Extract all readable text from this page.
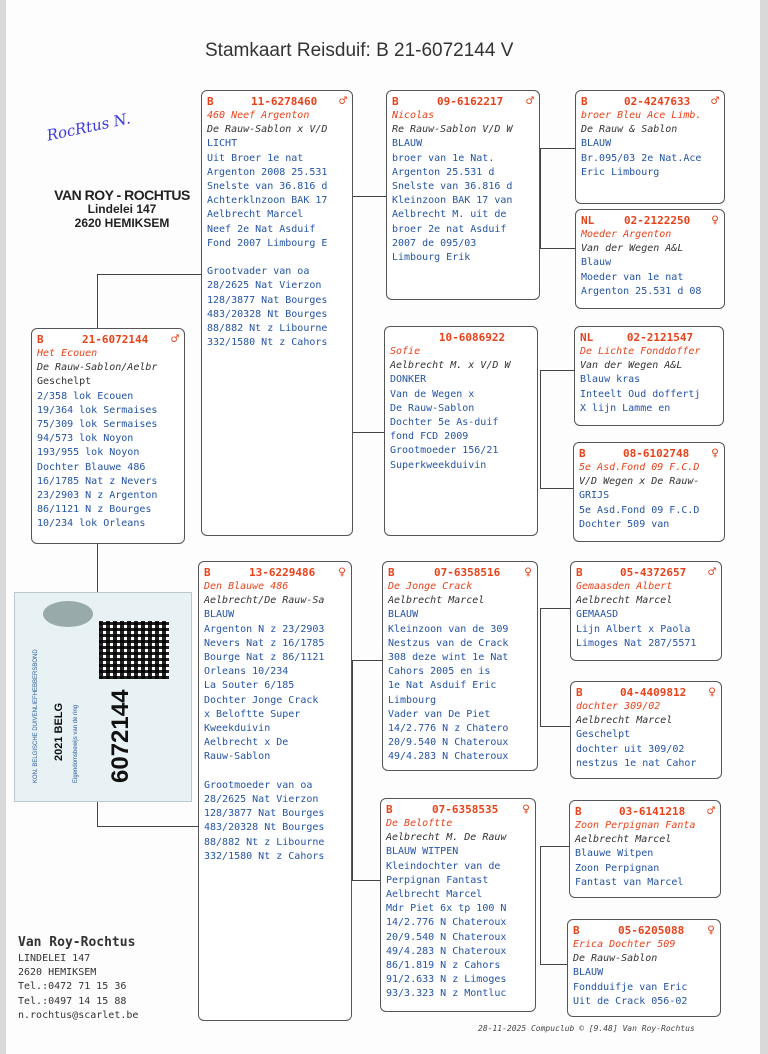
Stamkaart Reisduif: B 21-6072144 V
RocRtus N.
VAN ROY - ROCHTUS
Lindelei 147
2620 HEMIKSEM
B	21-6072144	♂
Het Ecouen
De Rauw-Sablon/Aelbr
Geschelpt
2/358 lok Ecouen
19/364 lok Sermaises
75/309 lok Sermaises
94/573 lok Noyon
193/955 lok Noyon
Dochter Blauwe 486
16/1785 Nat z Nevers
23/2903 N z Argenton
86/1121 N z Bourges
10/234 lok Orleans
B	11-6278460	♂
460 Neef Argenton
De Rauw-Sablon x V/D
LICHT
Uit Broer 1e nat
Argenton 2008 25.531
Snelste van 36.816 d
Achterklnzoon BAK 17
Aelbrecht Marcel
Neef 2e Nat Asduif
Fond 2007 Limbourg E

Grootvader van oa
28/2625 Nat Vierzon
128/3877 Nat Bourges
483/20328 Nt Bourges
88/882 Nt z Libourne
332/1580 Nt z Cahors
B	13-6229486	♀
Den Blauwe 486
Aelbrecht/De Rauw-Sa
BLAUW
Argenton N z 23/2903
Nevers Nat z 16/1785
Bourge Nat z 86/1121
Orleans 10/234
La Souter 6/185
Dochter Jonge Crack
x Beloftte Super
Kweekduivin
Aelbrecht x De
Rauw-Sablon

Grootmoeder van oa
28/2625 Nat Vierzon
128/3877 Nat Bourges
483/20328 Nt Bourges
88/882 Nt z Libourne
332/1580 Nt z Cahors
B	09-6162217	♂
Nicolas
Re Rauw-Sablon V/D W
BLAUW
broer van 1e Nat.
Argenton 25.531 d
Snelste van 36.816 d
Kleinzoon BAK 17 van
Aelbrecht M. uit de
broer 2e nat Asduif
2007 de 095/03
Limbourg Erik
10-6086922
Sofie
Aelbrecht M. x V/D W
DONKER
Van de Wegen x
De Rauw-Sablon
Dochter 5e As-duif
fond FCD 2009
Grootmoeder 156/21
Superkweekduivin
B	07-6358516	♀
De Jonge Crack
Aelbrecht Marcel
BLAUW
Kleinzoon van de 309
Nestzus van de Crack
308 deze wint 1e Nat
Cahors 2005 en is
1e Nat Asduif Eric
Limbourg
Vader van De Piet
14/2.776 N z Chatero
20/9.540 N Chateroux
49/4.283 N Chateroux
B	07-6358535	♀
De Beloftte
Aelbrecht M. De Rauw
BLAUW WITPEN
Kleindochter van de
Perpignan Fantast
Aelbrecht Marcel
Mdr Piet 6x tp 100 N
14/2.776 N Chateroux
20/9.540 N Chateroux
49/4.283 N Chateroux
86/1.819 N z Cahors
91/2.633 N z Limoges
93/3.323 N z Montluc
B	02-4247633	♂
broer Bleu Ace Limb.
De Rauw & Sablon
BLAUW
Br.095/03 2e Nat.Ace
Eric Limbourg
NL	02-2122250	♀
Moeder Argenton
Van der Wegen A&L
Blauw
Moeder van 1e nat
Argenton 25.531 d 08
NL	02-2121547
De Lichte Fonddoffer
Van der Wegen A&L
Blauw kras
Inteelt Oud doffertj
X lijn Lamme en
B	08-6102748	♀
5e Asd.Fond 09 F.C.D
V/D Wegen x De Rauw-
GRIJS
5e Asd.Fond 09 F.C.D
Dochter 509 van
B	05-4372657	♂
Gemaasden Albert
Aelbrecht Marcel
GEMAASD
Lijn Albert x Paola
Limoges Nat 287/5571
B	04-4409812	♀
dochter 309/02
Aelbrecht Marcel
Geschelpt
dochter uit 309/02
nestzus 1e nat Cahor
B	03-6141218	♂
Zoon Perpignan Fanta
Aelbrecht Marcel
Blauwe Witpen
Zoon Perpignan
Fantast van Marcel
B	05-6205088	♀
Erica Dochter 509
De Rauw-Sablon
BLAUW
Fondduifje van Eric
Uit de Crack 056-02
KON. BELGISCHE DUIVENLIEFHEBBERSBOND 2021 BELG Eigendomsbewijs van de ring 6072144
Van Roy-Rochtus
LINDELEI 147
2620 HEMIKSEM
Tel.:0472 71 15 36
Tel.:0497 14 15 88
n.rochtus@scarlet.be
28-11-2025 Compuclub © [9.48] Van Roy-Rochtus
